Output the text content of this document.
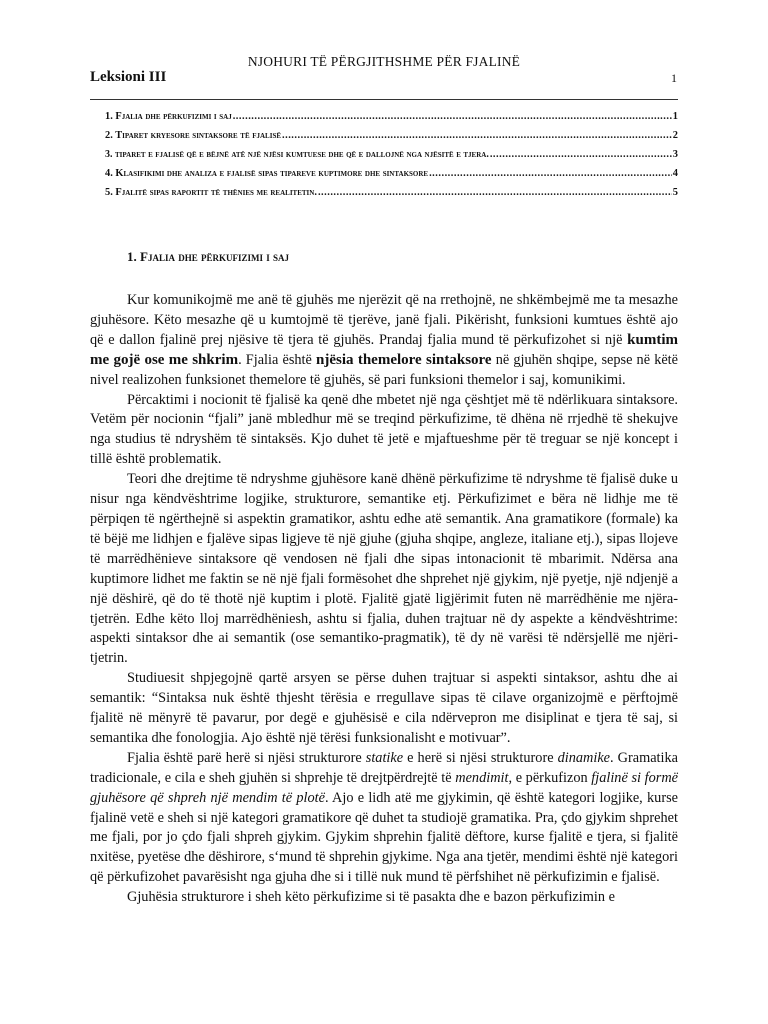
NJOHURI TË PËRGJITHSHME PËR FJALINË
Leksioni III	1
1. Fjalia dhe përkufizimi i saj .....	1
2. Tiparet kryesore sintaksore të fjalisë .....	2
3. tiparet e fjalisë që e bëjnë atë një njësi kumtuese dhe që e dallojnë nga njësitë e tjera. .....	3
4. Klasifikimi dhe analiza e fjalisë sipas tipareve kuptimore dhe sintaksore .....	4
5. Fjalitë sipas raportit të thënies me realitetin. .....	5
1. Fjalia dhe përkufizimi i saj

Kur komunikojmë me anë të gjuhës me njerëzit që na rrethojnë, ne shkëmbejmë me ta mesazhe gjuhësore. Këto mesazhe që u kumtojmë të tjerëve, janë fjali. Pikërisht, funksioni kumtues është ajo që e dallon fjalinë prej njësive të tjera të gjuhës. Prandaj fjalia mund të përkufizohet si një kumtim me gojë ose me shkrim. Fjalia është njësia themelore sintaksore në gjuhën shqipe, sepse në këtë nivel realizohen funksionet themelore të gjuhës, së pari funksioni themelor i saj, komunikimi.

Përcaktimi i nocionit të fjalisë ka qenë dhe mbetet një nga çështjet më të ndërlikuara sintaksore. Vetëm për nocionin “fjali” janë mbledhur më se treqind përkufizime, të dhëna në rrjedhë të shekujve nga studius të ndryshëm të sintaksës. Kjo duhet të jetë e mjaftueshme për të treguar se një koncept i tillë është problematik.

Teori dhe drejtime të ndryshme gjuhësore kanë dhënë përkufizime të ndryshme të fjalisë duke u nisur nga këndvështrime logjike, strukturore, semantike etj. Përkufizimet e bëra në lidhje me të përpiqen të ngërthejnë si aspektin gramatikor, ashtu edhe atë semantik. Ana gramatikore (formale) ka të bëjë me lidhjen e fjalëve sipas ligjeve të një gjuhe (gjuha shqipe, angleze, italiane etj.), sipas llojeve të marrëdhënieve sintaksore që vendosen në fjali dhe sipas intonacionit të mbarimit. Ndërsa ana kuptimore lidhet me faktin se në një fjali formësohet dhe shprehet një gjykim, një pyetje, një ndjenjë a një dëshirë, që do të thotë një kuptim i plotë. Fjalitë gjatë ligjërimit futen në marrëdhënie me njëra-tjetrën. Edhe këto lloj marrëdhëniesh, ashtu si fjalia, duhen trajtuar në dy aspekte a këndvështrime: aspekti sintaksor dhe ai semantik (ose semantiko-pragmatik), të dy në varësi të ndërsjellë me njëri-tjetrin.

Studiuesit shpjegojnë qartë arsyen se përse duhen trajtuar si aspekti sintaksor, ashtu dhe ai semantik: “Sintaksa nuk është thjesht tërësia e rregullave sipas të cilave organizojmë e përftojmë fjalitë në mënyrë të pavarur, por degë e gjuhësisë e cila ndërvepron me disiplinat e tjera të saj, si semantika dhe fonologjia. Ajo është një tërësi funksionalisht e motivuar”.

Fjalia është parë herë si njësi strukturore statike e herë si njësi strukturore dinamike. Gramatika tradicionale, e cila e sheh gjuhën si shprehje të drejtpërdrejtë të mendimit, e përkufizon fjalinë si formë gjuhësore që shpreh një mendim të plotë. Ajo e lidh atë me gjykimin, që është kategori logjike, kurse fjalinë vetë e sheh si një kategori gramatikore që duhet ta studiojë gramatika. Pra, çdo gjykim shprehet me fjali, por jo çdo fjali shpreh gjykim. Gjykim shprehin fjalitë dëftore, kurse fjalitë e tjera, si fjalitë nxitëse, pyetëse dhe dëshirore, s‘mund të shprehin gjykime. Nga ana tjetër, mendimi është një kategori që përkufizohet pavarësisht nga gjuha dhe si i tillë nuk mund të përfshihet në përkufizimin e fjalisë.

Gjuhësia strukturore i sheh këto përkufizime si të pasakta dhe e bazon përkufizimin e
